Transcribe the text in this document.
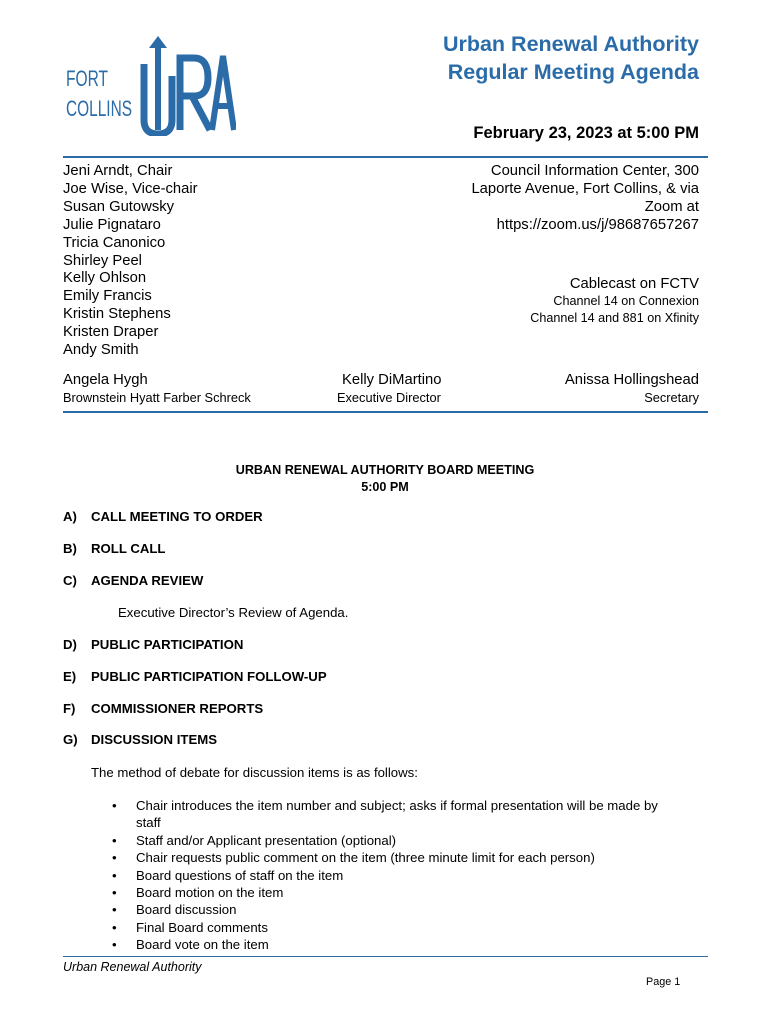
FORT
COLLINS
Urban Renewal Authority
Regular Meeting Agenda
February 23, 2023 at 5:00 PM
Jeni Arndt, Chair
Joe Wise, Vice-chair
Susan Gutowsky
Julie Pignataro
Tricia Canonico
Shirley Peel
Kelly Ohlson
Emily Francis
Kristin Stephens
Kristen Draper
Andy Smith
Council Information Center, 300
Laporte Avenue, Fort Collins, & via
Zoom at
https://zoom.us/j/98687657267
Cablecast on FCTV
Channel 14 on Connexion
Channel 14 and 881 on Xfinity
Angela Hygh
Brownstein Hyatt Farber Schreck
Kelly DiMartino
Executive Director
Anissa Hollingshead
Secretary
URBAN RENEWAL AUTHORITY BOARD MEETING
5:00 PM
A) CALL MEETING TO ORDER
B) ROLL CALL
C) AGENDA REVIEW
Executive Director’s Review of Agenda.
D) PUBLIC PARTICIPATION
E) PUBLIC PARTICIPATION FOLLOW-UP
F) COMMISSIONER REPORTS
G) DISCUSSION ITEMS
The method of debate for discussion items is as follows:
• Chair introduces the item number and subject; asks if formal presentation will be made by
staff
• Staff and/or Applicant presentation (optional)
• Chair requests public comment on the item (three minute limit for each person)
• Board questions of staff on the item
• Board motion on the item
• Board discussion
• Final Board comments
• Board vote on the item
Urban Renewal Authority
Page 1
